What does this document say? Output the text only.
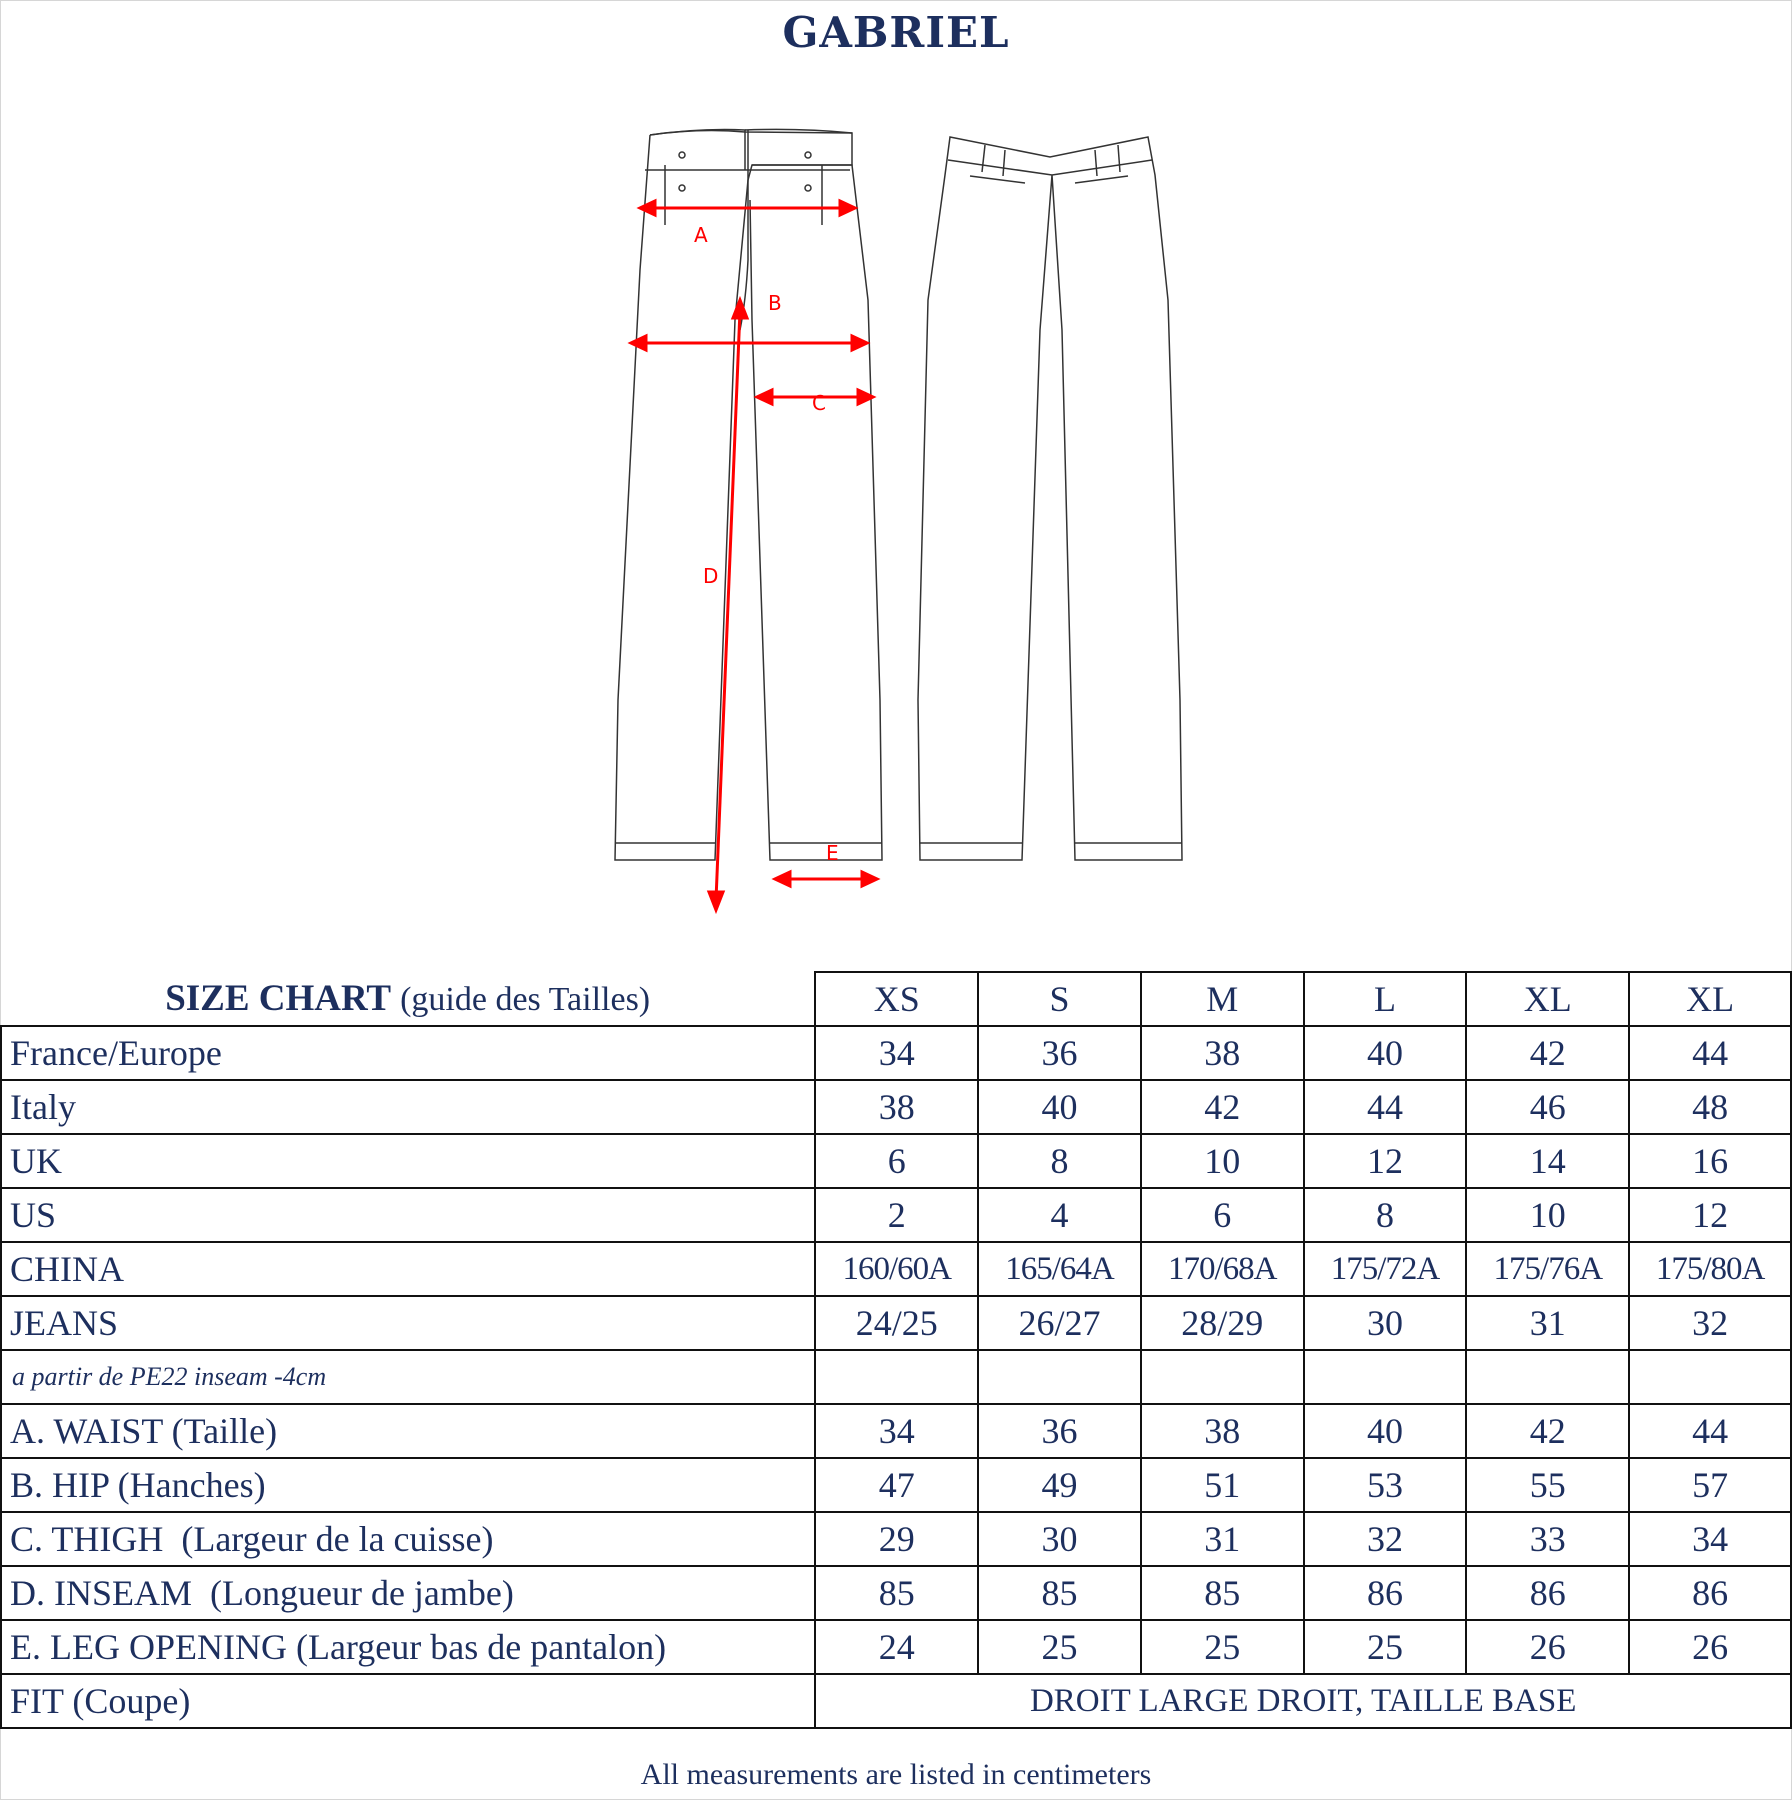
GABRIEL
A
B
C
D
E
SIZE CHART (guide des Tailles)	XS	S	M	L	XL	XL
France/Europe	34	36	38	40	42	44
Italy	38	40	42	44	46	48
UK	6	8	10	12	14	16
US	2	4	6	8	10	12
CHINA	160/60A	165/64A	170/68A	175/72A	175/76A	175/80A
JEANS	24/25	26/27	28/29	30	31	32
a partir de PE22 inseam -4cm						
A. WAIST (Taille)	34	36	38	40	42	44
B. HIP (Hanches)	47	49	51	53	55	57
C. THIGH  (Largeur de la cuisse)	29	30	31	32	33	34
D. INSEAM  (Longueur de jambe)	85	85	85	86	86	86
E. LEG OPENING (Largeur bas de pantalon)	24	25	25	25	26	26
FIT (Coupe)	DROIT LARGE DROIT, TAILLE BASE					
All measurements are listed in centimeters
